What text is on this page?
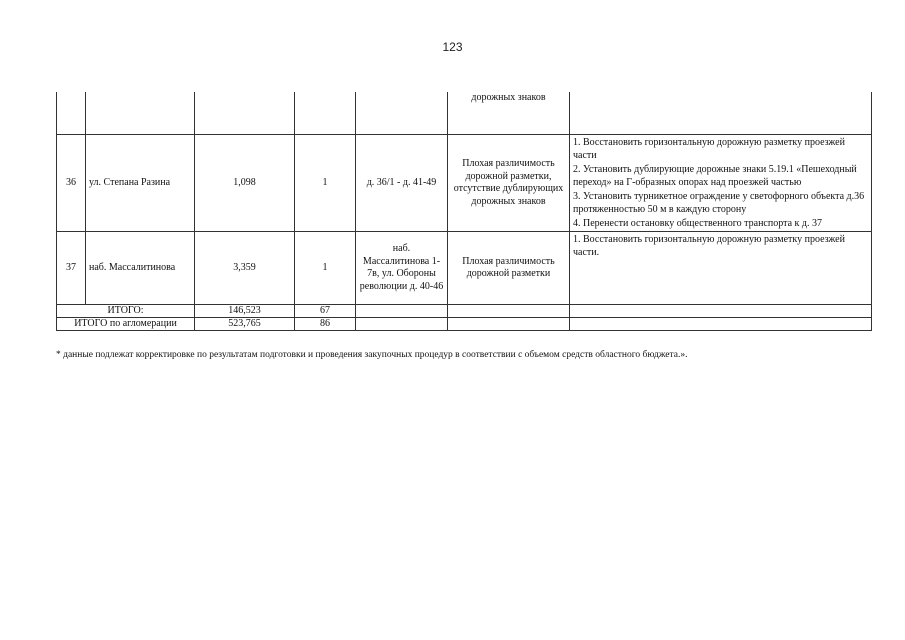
123
					дорожных знаков	
36	ул. Степана Разина	1,098	1	д. 36/1 - д. 41-49	Плохая различимость дорожной разметки, отсутствие дублирующих дорожных знаков	1. Восстановить горизонтальную дорожную разметку проезжей части
2. Установить дублирующие дорожные знаки 5.19.1 «Пешеходный переход» на Г-образных опорах над проезжей частью
3. Установить турникетное ограждение у светофорного объекта д.36 протяженностью 50 м в каждую сторону
4. Перенести остановку общественного транспорта к д. 37

37	наб. Массалитинова	3,359	1	наб. Массалитинова 1-7в, ул. Обороны революции д. 40-46	Плохая различимость дорожной разметки	1. Восстановить горизонтальную дорожную разметку проезжей части.

ИТОГО:		146,523	67			
ИТОГО по агломерации		523,765	86			
* данные подлежат корректировке по результатам подготовки и проведения закупочных процедур в соответствии с объемом средств областного бюджета.».
